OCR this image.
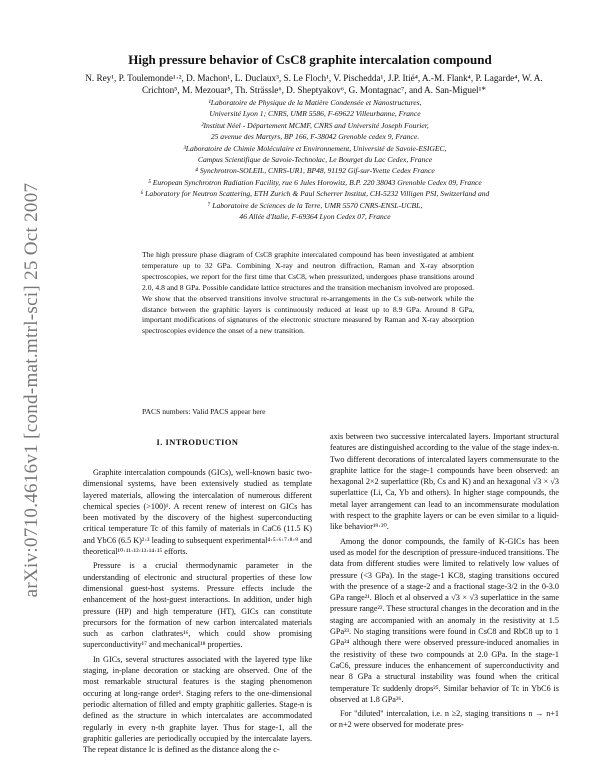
arXiv:0710.4616v1 [cond-mat.mtrl-sci] 25 Oct 2007
High pressure behavior of CsC8 graphite intercalation compound
N. Rey¹, P. Toulemonde¹·², D. Machon¹, L. Duclaux³, S. Le Floch¹, V. Pischedda¹, J.P. Itié⁴, A.-M. Flank⁴, P. Lagarde⁴, W. A. Crichton⁵, M. Mezouar⁵, Th. Strässle⁶, D. Sheptyakov⁶, G. Montagnac⁷, and A. San-Miguel¹*
¹Laboratoire de Physique de la Matière Condensée et Nanostructures,
Université Lyon 1; CNRS, UMR 5586, F-69622 Villeurbanne, France
²Institut Néel - Département MCMF, CNRS and Université Joseph Fourier,
25 avenue des Martyrs, BP 166, F-38042 Grenoble cedex 9, France.
³Laboratoire de Chimie Moléculaire et Environnement, Université de Savoie-ESIGEC,
Campus Scientifique de Savoie-Technolac, Le Bourget du Lac Cedex, France
⁴ Synchrotron-SOLEIL, CNRS-UR1, BP48, 91192 Gif-sur-Yvette Cedex France
⁵ European Synchrotron Radiation Facility, rue 6 Jules Horowitz, B.P. 220 38043 Grenoble Cedex 09, France
⁶ Laboratory for Neutron Scattering, ETH Zurich & Paul Scherrer Institut, CH-5232 Villigen PSI, Switzerland and
⁷ Laboratoire de Sciences de la Terre, UMR 5570 CNRS-ENSL-UCBL,
46 Allée d'Italie, F-69364 Lyon Cedex 07, France
The high pressure phase diagram of CsC8 graphite intercalated compound has been investigated at ambient temperature up to 32 GPa. Combining X-ray and neutron diffraction, Raman and X-ray absorption spectroscopies, we report for the first time that CsC8, when pressurized, undergoes phase transitions around 2.0, 4.8 and 8 GPa. Possible candidate lattice structures and the transition mechanism involved are proposed. We show that the observed transitions involve structural re-arrangements in the Cs sub-network while the distance between the graphitic layers is continuously reduced at least up to 8.9 GPa. Around 8 GPa, important modifications of signatures of the electronic structure measured by Raman and X-ray absorption spectroscopies evidence the onset of a new transition.
PACS numbers: Valid PACS appear here
I. INTRODUCTION

Graphite intercalation compounds (GICs), well-known basic two-dimensional systems, have been extensively studied as template layered materials, allowing the intercalation of numerous different chemical species (>100)¹. A recent renew of interest on GICs has been motivated by the discovery of the highest superconducting critical temperature Tc of this family of materials in CaC6 (11.5 K) and YbC6 (6.5 K)²·³ leading to subsequent experimental⁴·⁵·⁶·⁷·⁸·⁹ and theoretical¹⁰·¹¹·¹²·¹³·¹⁴·¹⁵ efforts.

Pressure is a crucial thermodynamic parameter in the understanding of electronic and structural properties of these low dimensional guest-host systems. Pressure effects include the enhancement of the host-guest interactions. In addition, under high pressure (HP) and high temperature (HT), GICs can constitute precursors for the formation of new carbon intercalated materials such as carbon clathrates¹⁶, which could show promising superconductivity¹⁷ and mechanical¹⁸ properties.

In GICs, several structures associated with the layered type like staging, in-plane decoration or stacking are observed. One of the most remarkable structural features is the staging phenomenon occuring at long-range order¹. Staging refers to the one-dimensional periodic alternation of filled and empty graphitic galleries. Stage-n is defined as the structure in which intercalates are accommodated regularly in every n-th graphite layer. Thus for stage-1, all the graphitic galleries are periodically occupied by the intercalate layers. The repeat distance Ic is defined as the distance along the c-

axis between two successive intercalated layers. Important structural features are distinguished according to the value of the stage index-n. Two different decorations of intercalated layers commensurate to the graphite lattice for the stage-1 compounds have been observed: an hexagonal 2×2 superlattice (Rb, Cs and K) and an hexagonal √3 × √3 superlattice (Li, Ca, Yb and others). In higher stage compounds, the metal layer arrangement can lead to an incommensurate modulation with respect to the graphite layers or can be even similar to a liquid-like behavior¹⁹·²⁰.

Among the donor compounds, the family of K-GICs has been used as model for the description of pressure-induced transitions. The data from different studies were limited to relatively low values of pressure (<3 GPa). In the stage-1 KC8, staging transitions occured with the presence of a stage-2 and a fractional stage-3/2 in the 0-3.0 GPa range²¹. Bloch et al observed a √3 × √3 superlattice in the same pressure range²². These structural changes in the decoration and in the staging are accompanied with an anomaly in the resistivity at 1.5 GPa²³. No staging transitions were found in CsC8 and RbC8 up to 1 GPa²⁴ although there were observed pressure-induced anomalies in the resistivity of these two compounds at 2.0 GPa. In the stage-1 CaC6, pressure induces the enhancement of superconductivity and near 8 GPa a structural instability was found when the critical temperature Tc suddenly drops²⁵. Similar behavior of Tc in YbC6 is observed at 1.8 GPa²⁶.

For "diluted" intercalation, i.e. n ≥2, staging transitions n → n+1 or n+2 were observed for moderate pres-
